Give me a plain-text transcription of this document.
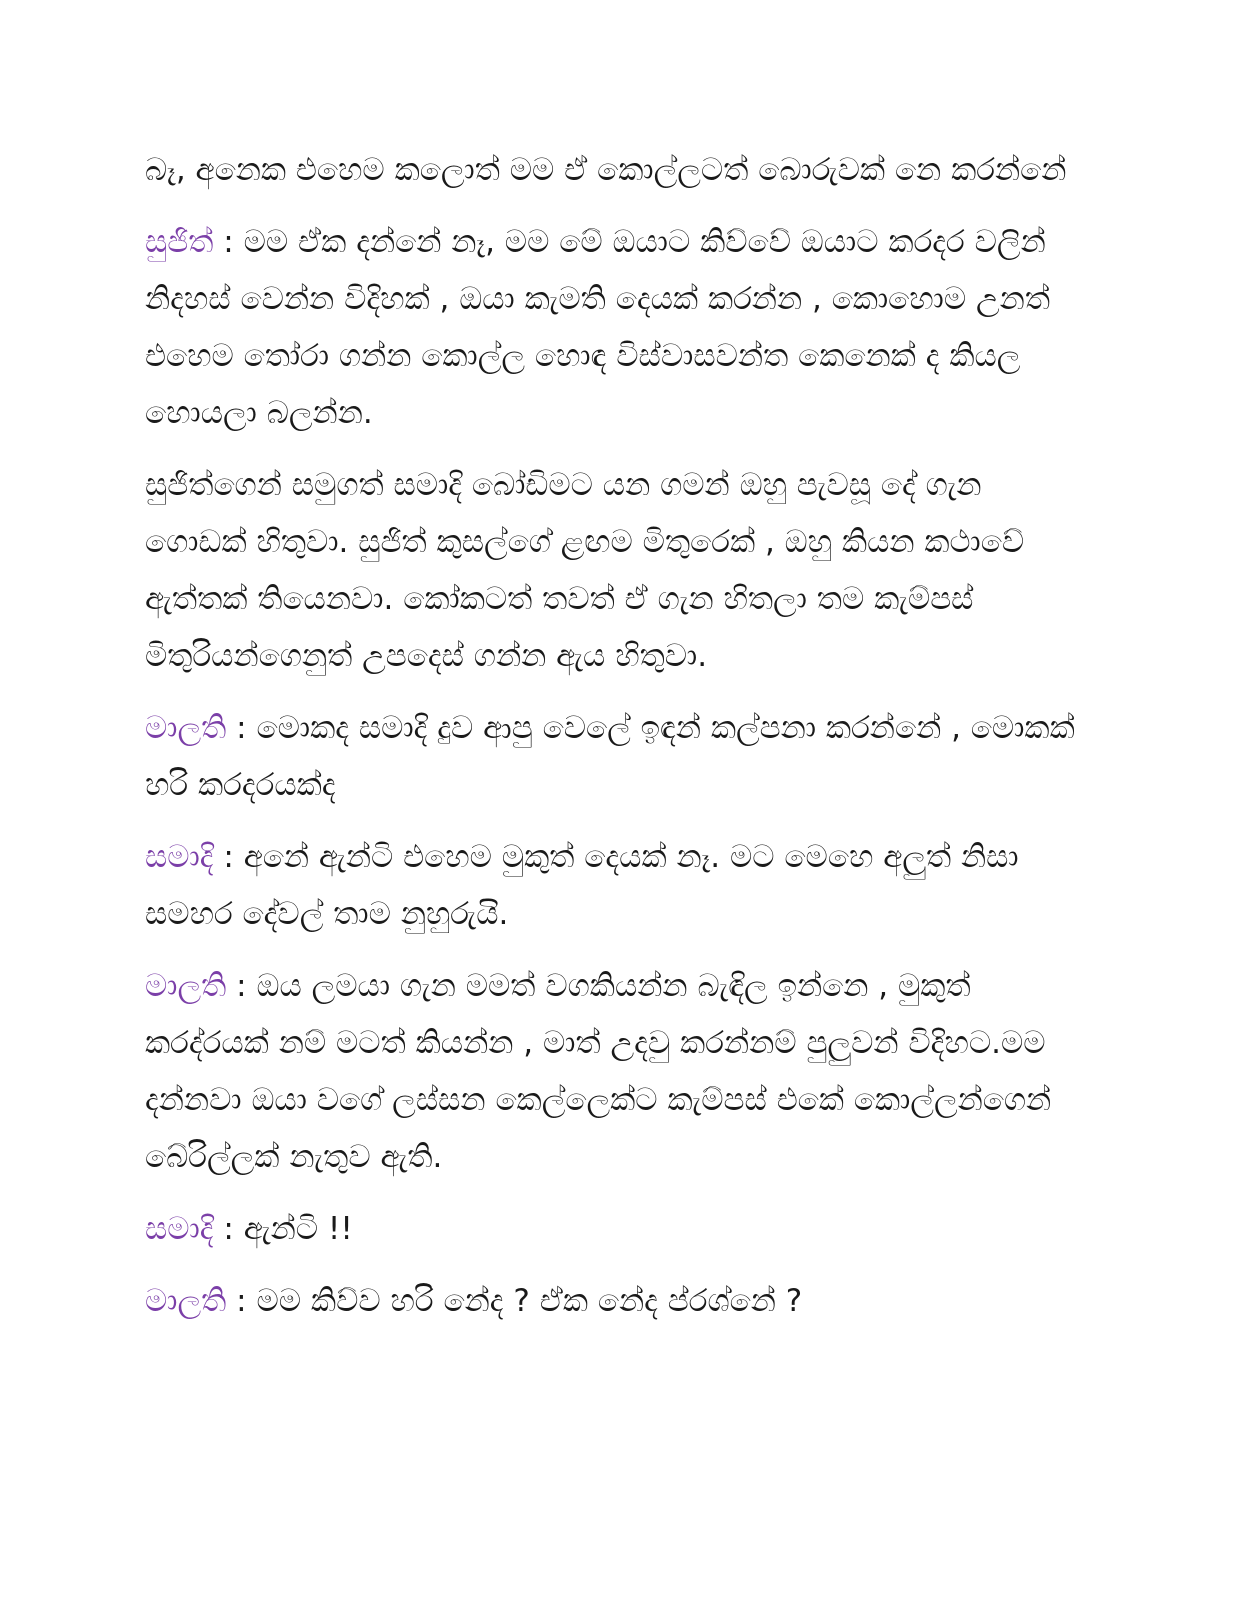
බෑ, අනෙක එහෙම කලොත් මම ඒ කොල්ලටත් බොරුවක් නෙ කරන්නේ

සුජිත් : මම ඒක දන්නේ නෑ, මම මේ ඔයාට කිව්වේ ඔයාට කරදර වලින් නිදහස් වෙන්න විදිහක් , ඔයා කැමති දෙයක් කරන්න , කොහොම උනත් එහෙම තෝරා ගන්න කොල්ල හොඳ විස්වාසවන්ත කෙනෙක් ද කියල හොයලා බලන්න.

සුජිත්ගෙන් සමුගත් සමාදි බෝඩිමට යන ගමන් ඔහු පැවසූ දේ ගැන ගොඩක් හිතුවා. සුජිත් කුසල්ගේ ළඟම මිතුරෙක් , ඔහු කියන කථාවේ ඇත්තක් තියෙනවා. කෝකටත් තවත් ඒ ගැන හිතලා තම කැම්පස් මිතුරියන්ගෙනුත් උපදෙස් ගන්න ඇය හිතුවා.

මාලති : මොකද සමාදි දුව ආපු වෙලේ ඉඳන් කල්පනා කරන්නේ , මොකක් හරි කරදරයක්ද

සමාදි : අනේ ඇන්ටි එහෙම මුකුත් දෙයක් නෑ. මට මෙහෙ අලුත් නිසා සමහර දේවල් තාම නුහුරුයි.

මාලති : ඔය ලමයා ගැන මමත් වගකියන්න බැඳිල ඉන්නෙ , මුකුත් කරද්රයක් නම් මටත් කියන්න , මාත් උදවු කරන්නම් පුලුවන් විදිහට.මම දන්නවා ඔයා වගේ ලස්සන කෙල්ලෙක්ට කැම්පස් එකේ කොල්ලන්ගෙන් බේරිල්ලක් නැතුව ඇති.

සමාදි : ඇන්ටි !!

මාලති : මම කිව්ව හරි නේද ? ඒක නේද ප්රශ්නේ ?
